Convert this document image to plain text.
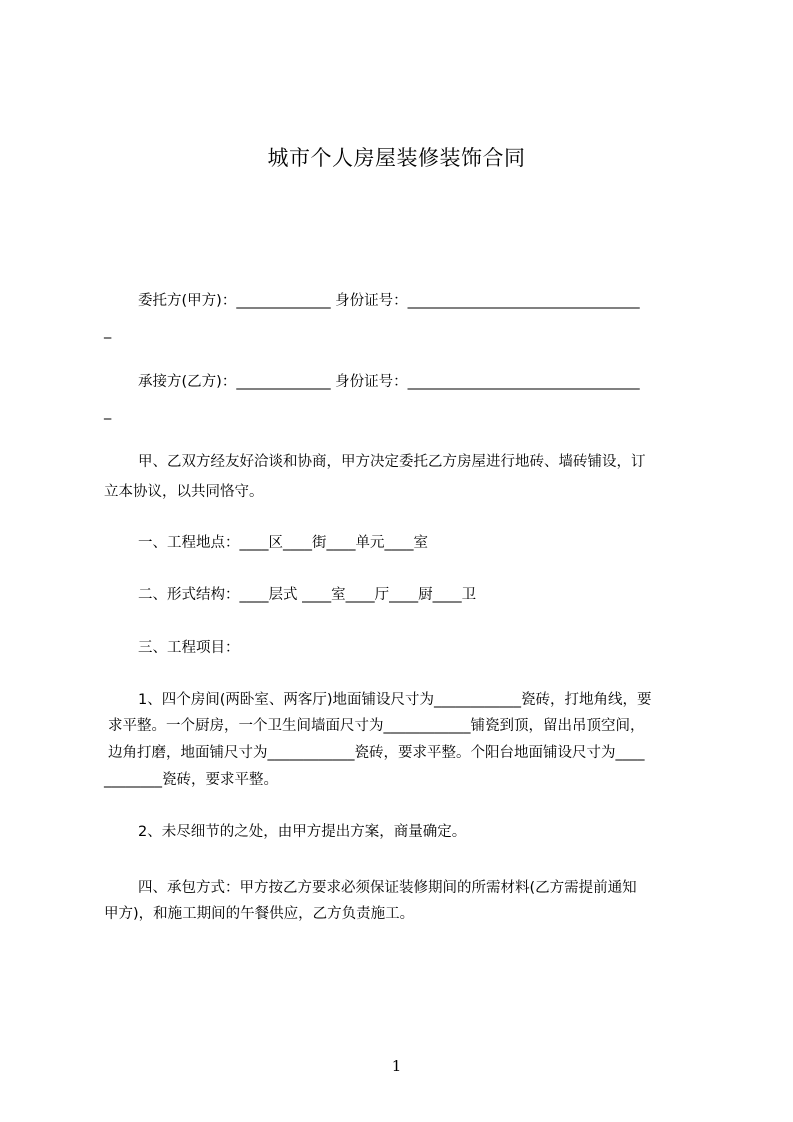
城市个人房屋装修装饰合同
委托方(甲方)：_____________ 身份证号：________________________________
_
承接方(乙方)：_____________ 身份证号：________________________________
_
甲、乙双方经友好洽谈和协商，甲方决定委托乙方房屋进行地砖、墙砖铺设，订
立本协议，以共同恪守。
一、工程地点：____区____街____单元____室
二、形式结构：____层式 ____室____厅____厨____卫
三、工程项目：
1、四个房间(两卧室、两客厅)地面铺设尺寸为____________瓷砖，打地角线，要
求平整。一个厨房，一个卫生间墙面尺寸为____________铺瓷到顶，留出吊顶空间，
边角打磨，地面铺尺寸为____________瓷砖，要求平整。个阳台地面铺设尺寸为____
________瓷砖，要求平整。
2、未尽细节的之处，由甲方提出方案，商量确定。
四、承包方式：甲方按乙方要求必须保证装修期间的所需材料(乙方需提前通知
甲方)，和施工期间的午餐供应，乙方负责施工。
1
